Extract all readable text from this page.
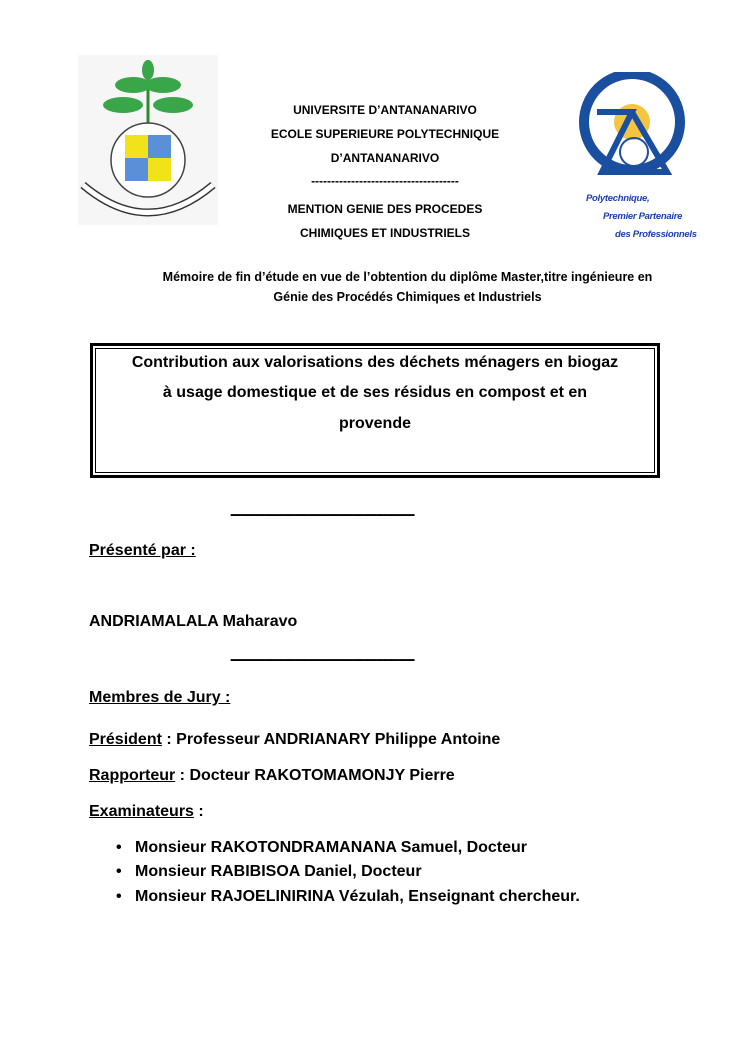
UNIVERSITE D’ANTANANARIVO
ECOLE SUPERIEURE POLYTECHNIQUE
D’ANTANANARIVO
-------------------------------------
MENTION GENIE DES PROCEDES
CHIMIQUES ET INDUSTRIELS
Polytechnique,
Premier Partenaire
des Professionnels
Mémoire de fin d’étude en vue de l’obtention du diplôme Master,titre ingénieure en
Génie des Procédés Chimiques et Industriels
Contribution aux valorisations des déchets ménagers en biogaz
à usage domestique et de ses résidus en compost et en
provende
------------------------------------------------
Présenté par :
ANDRIAMALALA Maharavo
------------------------------------------------
Membres de Jury :
Président : Professeur ANDRIANARY Philippe Antoine
Rapporteur : Docteur RAKOTOMAMONJY Pierre
Examinateurs :
• Monsieur RAKOTONDRAMANANA Samuel, Docteur
• Monsieur RABIBISOA Daniel, Docteur
• Monsieur RAJOELINIRINA Vézulah, Enseignant chercheur.
